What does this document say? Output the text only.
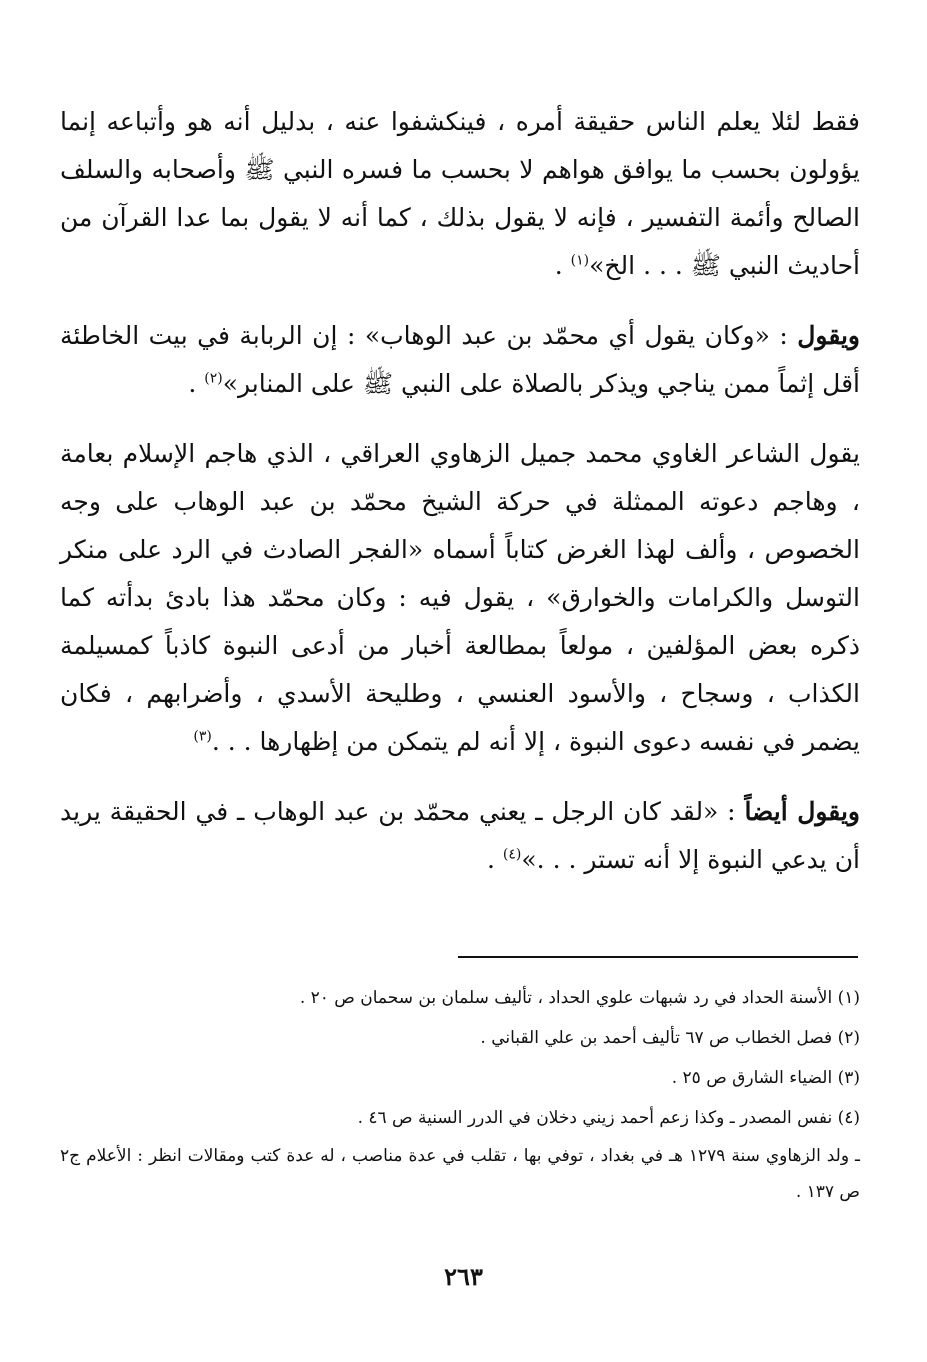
فقط لئلا يعلم الناس حقيقة أمره ، فينكشفوا عنه ، بدليل أنه هو وأتباعه إنما يؤولون بحسب ما يوافق هواهم لا بحسب ما فسره النبي ﷺ وأصحابه والسلف الصالح وأئمة التفسير ، فإنه لا يقول بذلك ، كما أنه لا يقول بما عدا القرآن من أحاديث النبي ﷺ . . . الخ»$^{(١)}$ .

ويقول : «وكان يقول أي محمّد بن عبد الوهاب» : إن الربابة في بيت الخاطئة أقل إثماً ممن يناجي ويذكر بالصلاة على النبي ﷺ على المنابر»$^{(٢)}$ .

يقول الشاعر الغاوي محمد جميل الزهاوي العراقي ، الذي هاجم الإسلام بعامة ، وهاجم دعوته الممثلة في حركة الشيخ محمّد بن عبد الوهاب على وجه الخصوص ، وألف لهذا الغرض كتاباً أسماه «الفجر الصادث في الرد على منكر التوسل والكرامات والخوارق» ، يقول فيه : وكان محمّد هذا بادئ بدأته كما ذكره بعض المؤلفين ، مولعاً بمطالعة أخبار من أدعى النبوة كاذباً كمسيلمة الكذاب ، وسجاح ، والأسود العنسي ، وطليحة الأسدي ، وأضرابهم ، فكان يضمر في نفسه دعوى النبوة ، إلا أنه لم يتمكن من إظهارها . . .$^{(٣)}$

ويقول أيضاً : «لقد كان الرجل ـ يعني محمّد بن عبد الوهاب ـ في الحقيقة يريد أن يدعي النبوة إلا أنه تستر . . .»$^{(٤)}$ .

(١) الأسنة الحداد في رد شبهات علوي الحداد ، تأليف سلمان بن سحمان ص ٢٠ .

(٢) فصل الخطاب ص ٦٧ تأليف أحمد بن علي القباني .

(٣) الضياء الشارق ص ٢٥ .

(٤) نفس المصدر ـ وكذا زعم أحمد زيني دخلان في الدرر السنية ص ٤٦ .

ـ ولد الزهاوي سنة ١٢٧٩ هـ في بغداد ، توفي بها ، تقلب في عدة مناصب ، له عدة كتب ومقالات انظر : الأعلام ج٢ ص ١٣٧ .

٢٦٣
